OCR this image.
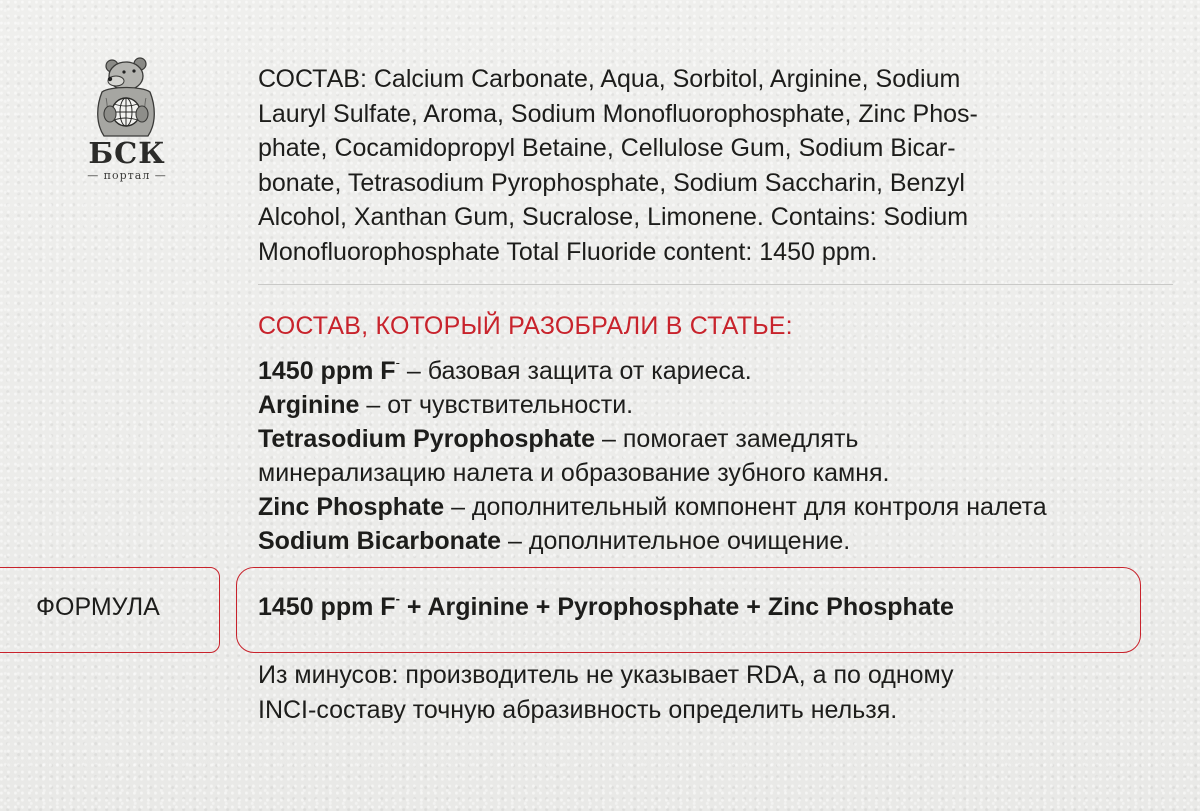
БСК
— портал —
СОСТАВ: Calcium Carbonate, Aqua, Sorbitol, Arginine, Sodium
Lauryl Sulfate, Aroma, Sodium Monofluorophosphate, Zinc Phos-
phate, Cocamidopropyl Betaine, Cellulose Gum, Sodium Bicar-
bonate, Tetrasodium Pyrophosphate, Sodium Saccharin, Benzyl
Alcohol, Xanthan Gum, Sucralose, Limonene. Contains: Sodium
Monofluorophosphate Total Fluoride content: 1450 ppm.
СОСТАВ, КОТОРЫЙ РАЗОБРАЛИ В СТАТЬЕ:
1450 ppm F- – базовая защита от кариеса.
Arginine – от чувствительности.
Tetrasodium Pyrophosphate – помогает замедлять
минерализацию налета и образование зубного камня.
Zinc Phosphate – дополнительный компонент для контроля налета
Sodium Bicarbonate – дополнительное очищение.
ФОРМУЛА	1450 ppm F- + Arginine + Pyrophosphate + Zinc Phosphate
Из минусов: производитель не указывает RDA, а по одному
INCI-составу точную абразивность определить нельзя.
